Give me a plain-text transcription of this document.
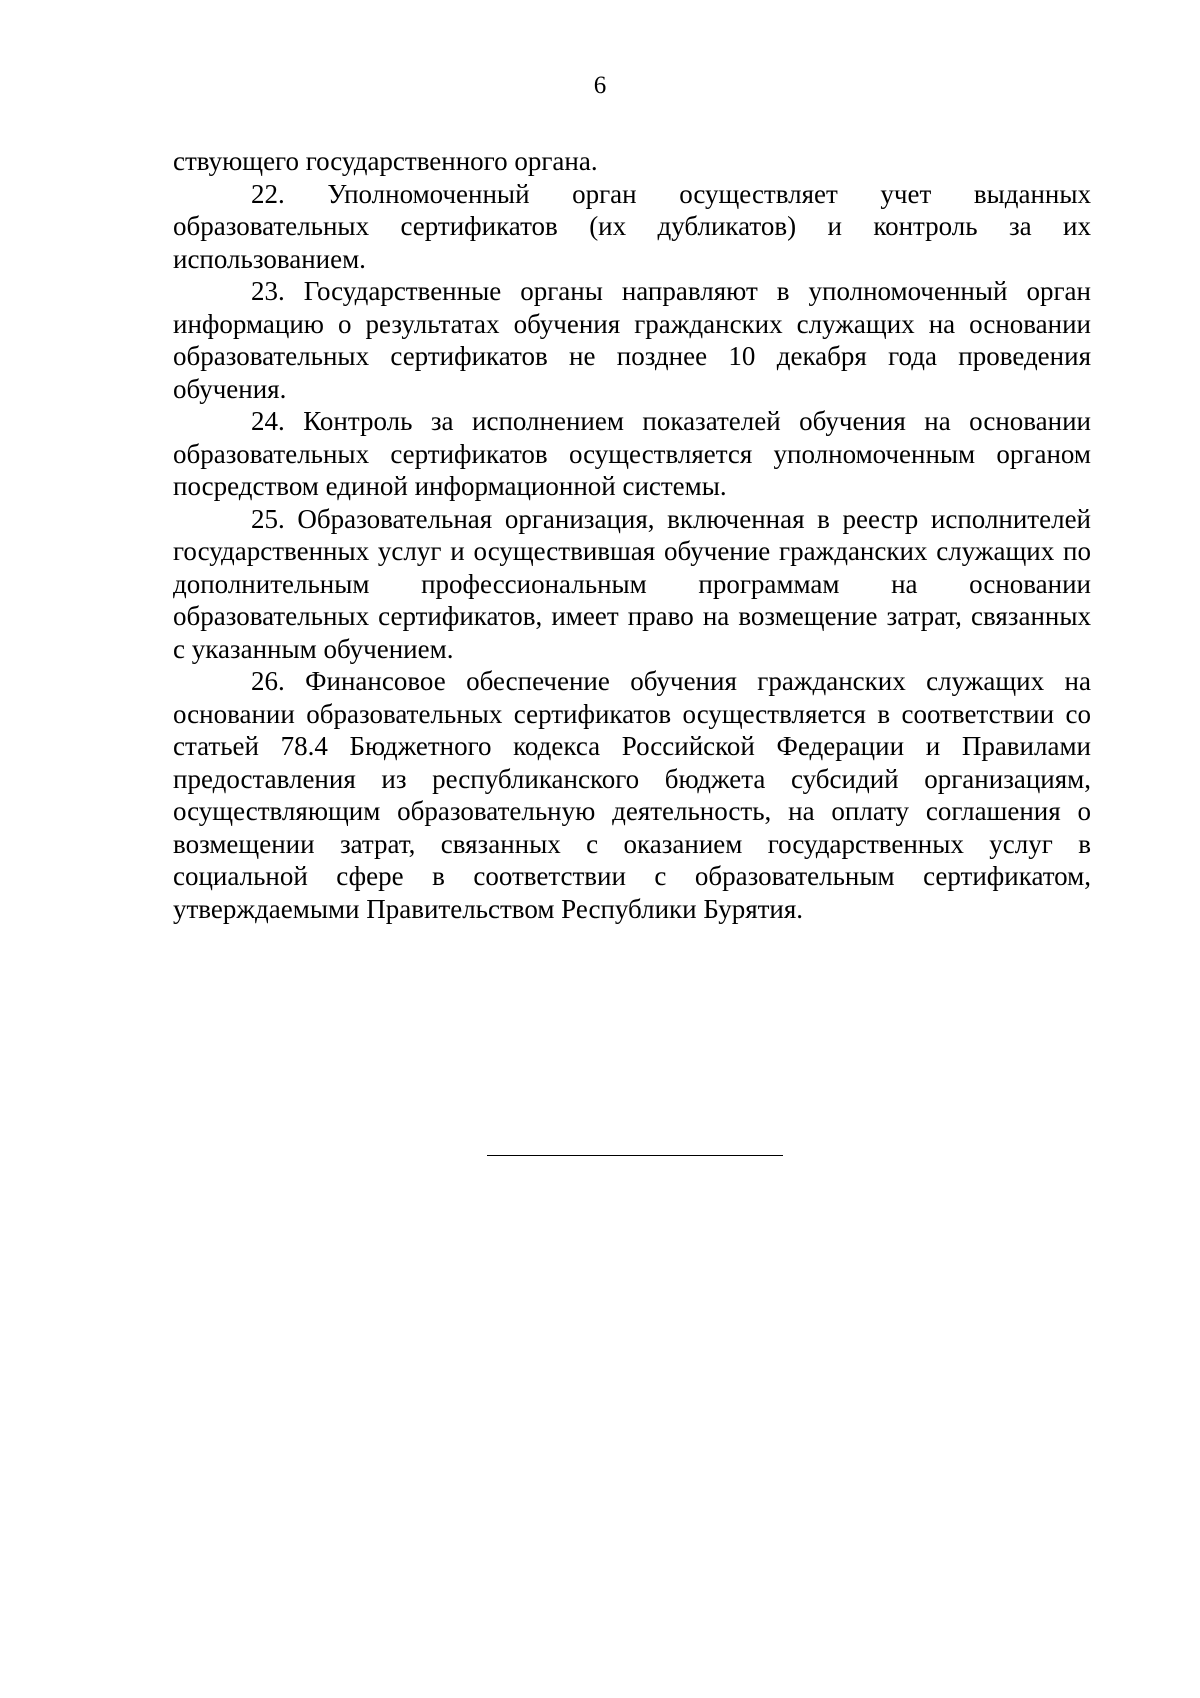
6

ствующего государственного органа.

22. Уполномоченный орган осуществляет учет выданных образовательных сертификатов (их дубликатов) и контроль за их использованием.

23. Государственные органы направляют в уполномоченный орган информацию о результатах обучения гражданских служащих на основании образовательных сертификатов не позднее 10 декабря года проведения обучения.

24. Контроль за исполнением показателей обучения на основании образовательных сертификатов осуществляется уполномоченным органом посредством единой информационной системы.

25. Образовательная организация, включенная в реестр исполнителей государственных услуг и осуществившая обучение гражданских служащих по дополнительным профессиональным программам на основании образовательных сертификатов, имеет право на возмещение затрат, связанных с указанным обучением.

26. Финансовое обеспечение обучения гражданских служащих на основании образовательных сертификатов осуществляется в соответствии со статьей 78.4 Бюджетного кодекса Российской Федерации и Правилами предоставления из республиканского бюджета субсидий организациям, осуществляющим образовательную деятельность, на оплату соглашения о возмещении затрат, связанных с оказанием государственных услуг в социальной сфере в соответствии с образовательным сертификатом, утверждаемыми Правительством Республики Бурятия.
